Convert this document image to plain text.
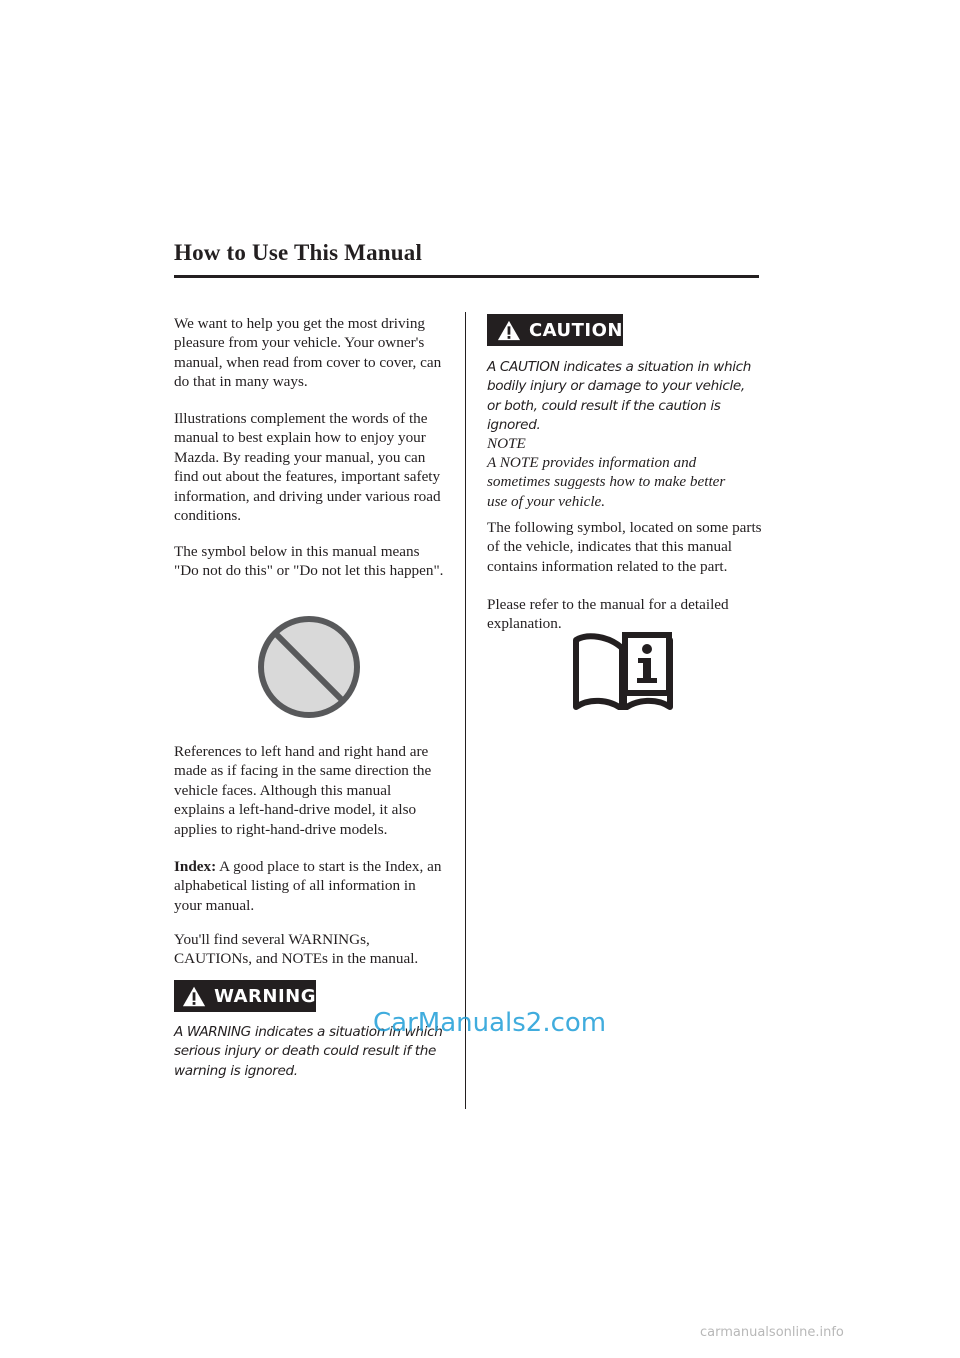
How to Use This Manual

We want to help you get the most driving pleasure from your vehicle. Your owner's manual, when read from cover to cover, can do that in many ways.

Illustrations complement the words of the manual to best explain how to enjoy your Mazda. By reading your manual, you can find out about the features, important safety information, and driving under various road conditions.

The symbol below in this manual means "Do not do this" or "Do not let this happen".

References to left hand and right hand are made as if facing in the same direction the vehicle faces. Although this manual explains a left-hand-drive model, it also applies to right-hand-drive models.

Index: A good place to start is the Index, an alphabetical listing of all information in your manual.

You'll find several WARNINGs, CAUTIONs, and NOTEs in the manual.

WARNING

A WARNING indicates a situation in which serious injury or death could result if the warning is ignored.

CAUTION

A CAUTION indicates a situation in which bodily injury or damage to your vehicle, or both, could result if the caution is ignored.

NOTE

A NOTE provides information and sometimes suggests how to make better use of your vehicle.

The following symbol, located on some parts of the vehicle, indicates that this manual contains information related to the part.

Please refer to the manual for a detailed explanation.

CarManuals2.com
carmanualsonline.info
